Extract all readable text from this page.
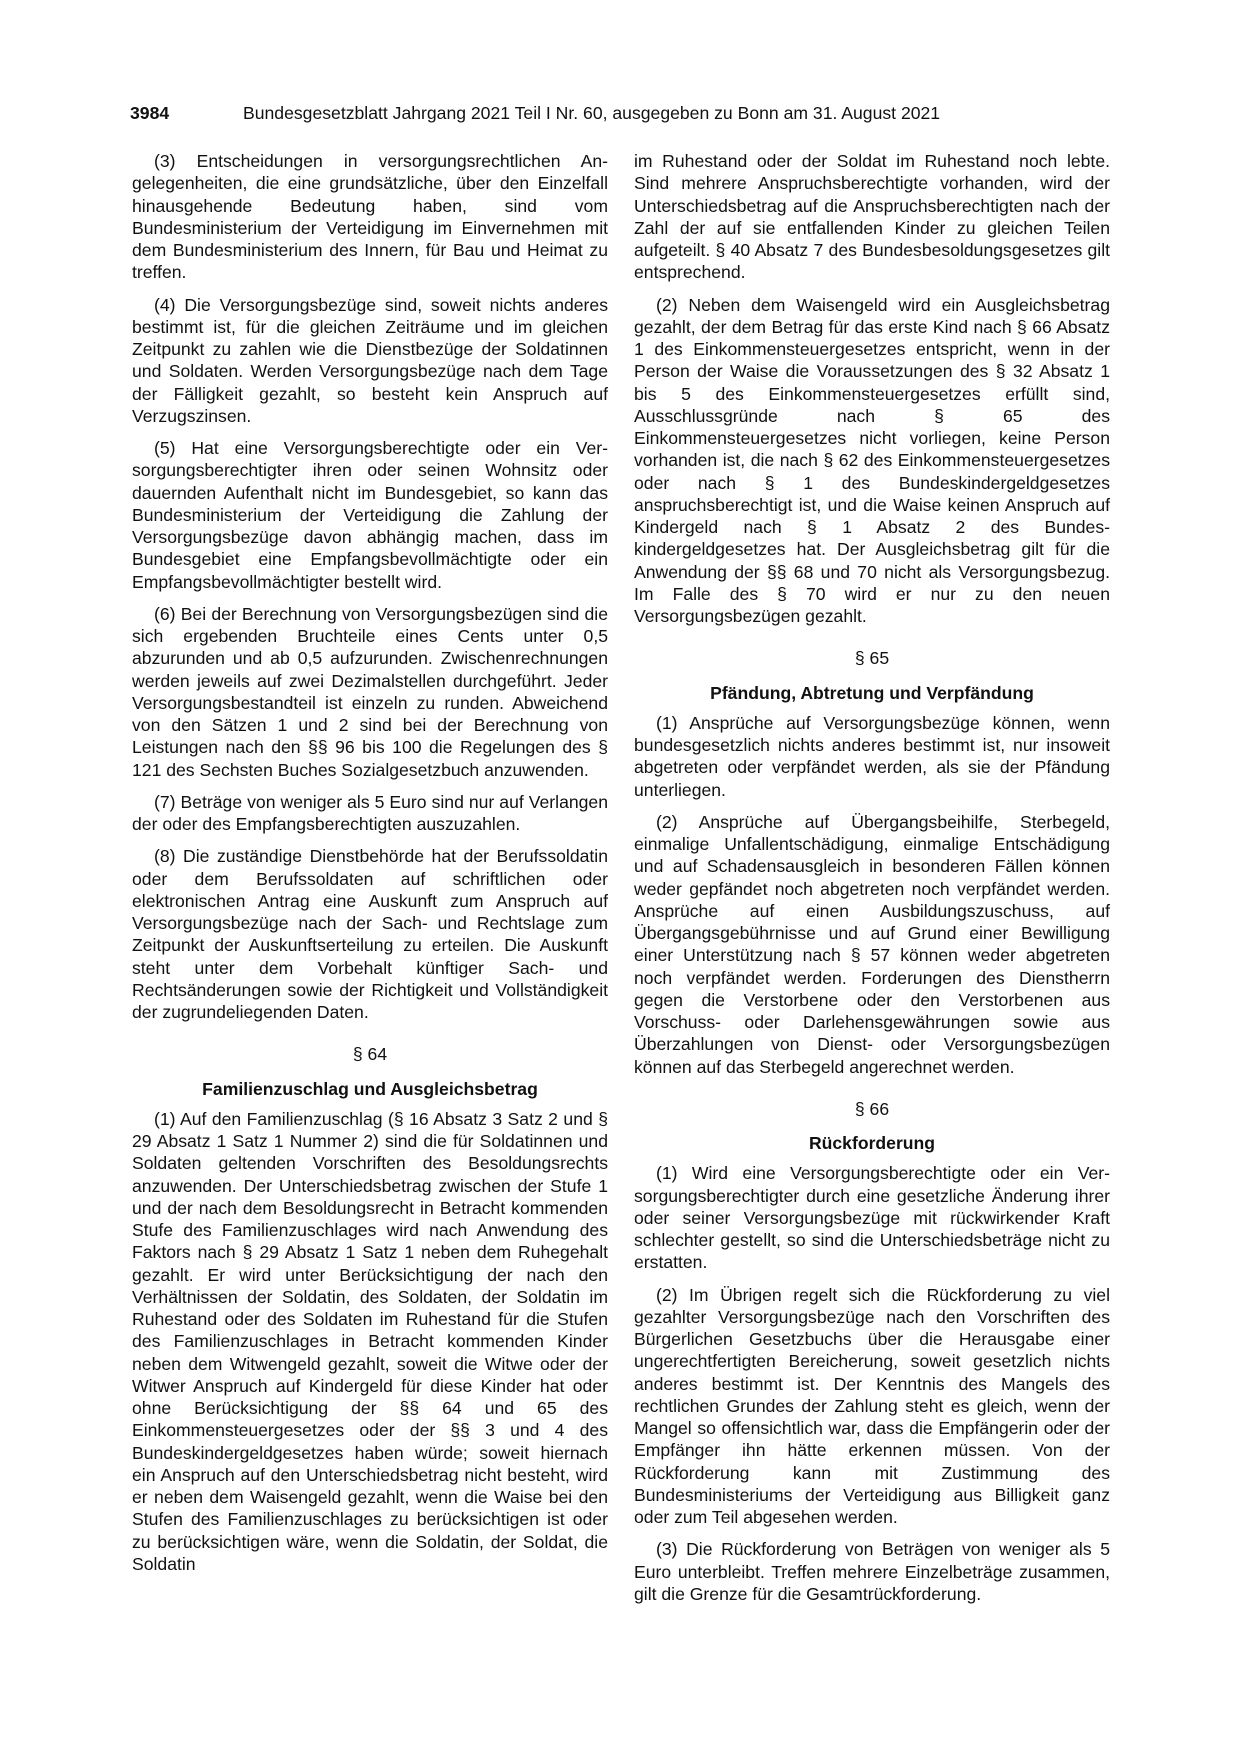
3984	Bundesgesetzblatt Jahrgang 2021 Teil I Nr. 60, ausgegeben zu Bonn am 31. August 2021

(3) Entscheidungen in versorgungsrechtlichen Angelegenheiten, die eine grundsätzliche, über den Einzelfall hinausgehende Bedeutung haben, sind vom Bundesministerium der Verteidigung im Einvernehmen mit dem Bundesministerium des Innern, für Bau und Heimat zu treffen.

(4) Die Versorgungsbezüge sind, soweit nichts anderes bestimmt ist, für die gleichen Zeiträume und im gleichen Zeitpunkt zu zahlen wie die Dienstbezüge der Soldatinnen und Soldaten. Werden Versorgungsbezüge nach dem Tage der Fälligkeit gezahlt, so besteht kein Anspruch auf Verzugszinsen.

(5) Hat eine Versorgungsberechtigte oder ein Versorgungsberechtigter ihren oder seinen Wohnsitz oder dauernden Aufenthalt nicht im Bundesgebiet, so kann das Bundesministerium der Verteidigung die Zahlung der Versorgungsbezüge davon abhängig machen, dass im Bundesgebiet eine Empfangsbevollmächtigte oder ein Empfangsbevollmächtigter bestellt wird.

(6) Bei der Berechnung von Versorgungsbezügen sind die sich ergebenden Bruchteile eines Cents unter 0,5 abzurunden und ab 0,5 aufzurunden. Zwischenrechnungen werden jeweils auf zwei Dezimalstellen durchgeführt. Jeder Versorgungsbestandteil ist einzeln zu runden. Abweichend von den Sätzen 1 und 2 sind bei der Berechnung von Leistungen nach den §§ 96 bis 100 die Regelungen des § 121 des Sechsten Buches Sozialgesetzbuch anzuwenden.

(7) Beträge von weniger als 5 Euro sind nur auf Verlangen der oder des Empfangsberechtigten auszuzahlen.

(8) Die zuständige Dienstbehörde hat der Berufssoldatin oder dem Berufssoldaten auf schriftlichen oder elektronischen Antrag eine Auskunft zum Anspruch auf Versorgungsbezüge nach der Sach- und Rechtslage zum Zeitpunkt der Auskunftserteilung zu erteilen. Die Auskunft steht unter dem Vorbehalt künftiger Sach- und Rechtsänderungen sowie der Richtigkeit und Vollständigkeit der zugrundeliegenden Daten.

§ 64
Familienzuschlag und Ausgleichsbetrag

(1) Auf den Familienzuschlag (§ 16 Absatz 3 Satz 2 und § 29 Absatz 1 Satz 1 Nummer 2) sind die für Soldatinnen und Soldaten geltenden Vorschriften des Besoldungsrechts anzuwenden. Der Unterschiedsbetrag zwischen der Stufe 1 und der nach dem Besoldungsrecht in Betracht kommenden Stufe des Familienzuschlages wird nach Anwendung des Faktors nach § 29 Absatz 1 Satz 1 neben dem Ruhegehalt gezahlt. Er wird unter Berücksichtigung der nach den Verhältnissen der Soldatin, des Soldaten, der Soldatin im Ruhestand oder des Soldaten im Ruhestand für die Stufen des Familienzuschlages in Betracht kommenden Kinder neben dem Witwengeld gezahlt, soweit die Witwe oder der Witwer Anspruch auf Kindergeld für diese Kinder hat oder ohne Berücksichtigung der §§ 64 und 65 des Einkommensteuergesetzes oder der §§ 3 und 4 des Bundeskindergeldgesetzes haben würde; soweit hiernach ein Anspruch auf den Unterschiedsbetrag nicht besteht, wird er neben dem Waisengeld gezahlt, wenn die Waise bei den Stufen des Familienzuschlages zu berücksichtigen ist oder zu berücksichtigen wäre, wenn die Soldatin, der Soldat, die Soldatin

im Ruhestand oder der Soldat im Ruhestand noch lebte. Sind mehrere Anspruchsberechtigte vorhanden, wird der Unterschiedsbetrag auf die Anspruchsberechtigten nach der Zahl der auf sie entfallenden Kinder zu gleichen Teilen aufgeteilt. § 40 Absatz 7 des Bundesbesoldungsgesetzes gilt entsprechend.

(2) Neben dem Waisengeld wird ein Ausgleichsbetrag gezahlt, der dem Betrag für das erste Kind nach § 66 Absatz 1 des Einkommensteuergesetzes entspricht, wenn in der Person der Waise die Voraussetzungen des § 32 Absatz 1 bis 5 des Einkommensteuergesetzes erfüllt sind, Ausschlussgründe nach § 65 des Einkommensteuergesetzes nicht vorliegen, keine Person vorhanden ist, die nach § 62 des Einkommensteuergesetzes oder nach § 1 des Bundeskindergeldgesetzes anspruchsberechtigt ist, und die Waise keinen Anspruch auf Kindergeld nach § 1 Absatz 2 des Bundeskindergeldgesetzes hat. Der Ausgleichsbetrag gilt für die Anwendung der §§ 68 und 70 nicht als Versorgungsbezug. Im Falle des § 70 wird er nur zu den neuen Versorgungsbezügen gezahlt.

§ 65
Pfändung, Abtretung und Verpfändung

(1) Ansprüche auf Versorgungsbezüge können, wenn bundesgesetzlich nichts anderes bestimmt ist, nur insoweit abgetreten oder verpfändet werden, als sie der Pfändung unterliegen.

(2) Ansprüche auf Übergangsbeihilfe, Sterbegeld, einmalige Unfallentschädigung, einmalige Entschädigung und auf Schadensausgleich in besonderen Fällen können weder gepfändet noch abgetreten noch verpfändet werden. Ansprüche auf einen Ausbildungszuschuss, auf Übergangsgebührnisse und auf Grund einer Bewilligung einer Unterstützung nach § 57 können weder abgetreten noch verpfändet werden. Forderungen des Dienstherrn gegen die Verstorbene oder den Verstorbenen aus Vorschuss- oder Darlehensgewährungen sowie aus Überzahlungen von Dienst- oder Versorgungsbezügen können auf das Sterbegeld angerechnet werden.

§ 66
Rückforderung

(1) Wird eine Versorgungsberechtigte oder ein Versorgungsberechtigter durch eine gesetzliche Änderung ihrer oder seiner Versorgungsbezüge mit rückwirkender Kraft schlechter gestellt, so sind die Unterschiedsbeträge nicht zu erstatten.

(2) Im Übrigen regelt sich die Rückforderung zu viel gezahlter Versorgungsbezüge nach den Vorschriften des Bürgerlichen Gesetzbuchs über die Herausgabe einer ungerechtfertigten Bereicherung, soweit gesetzlich nichts anderes bestimmt ist. Der Kenntnis des Mangels des rechtlichen Grundes der Zahlung steht es gleich, wenn der Mangel so offensichtlich war, dass die Empfängerin oder der Empfänger ihn hätte erkennen müssen. Von der Rückforderung kann mit Zustimmung des Bundesministeriums der Verteidigung aus Billigkeit ganz oder zum Teil abgesehen werden.

(3) Die Rückforderung von Beträgen von weniger als 5 Euro unterbleibt. Treffen mehrere Einzelbeträge zusammen, gilt die Grenze für die Gesamtrückforderung.
